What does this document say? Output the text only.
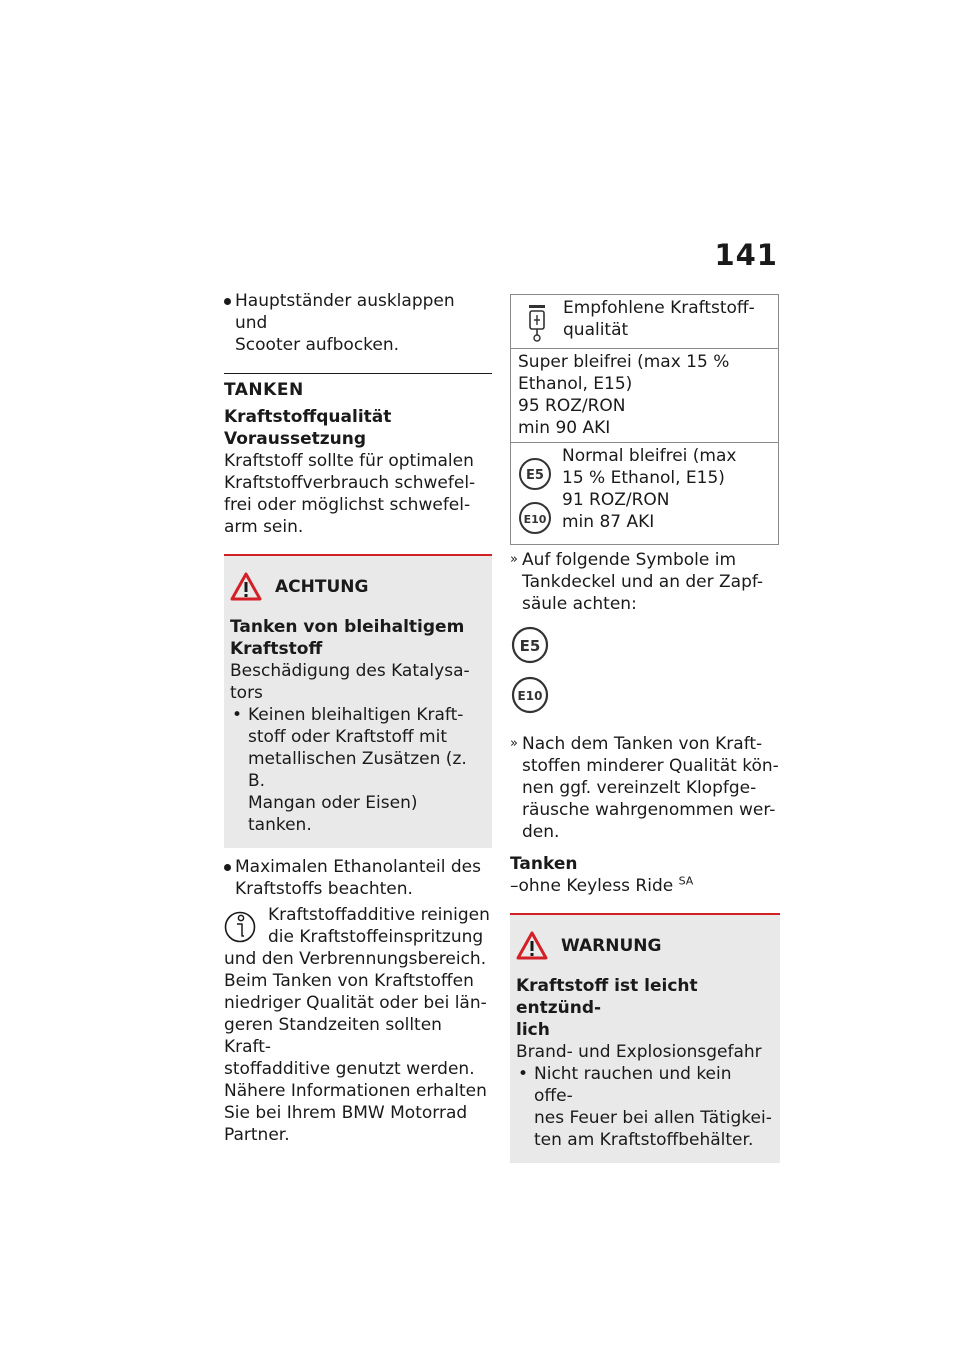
141

Hauptständer ausklappen und

Scooter aufbocken.

TANKEN

Kraftstoffqualität

Voraussetzung

Kraftstoff sollte für optimalen

Kraftstoffverbrauch schwefel-

frei oder möglichst schwefel-

arm sein.

ACHTUNG

Tanken von bleihaltigem

Kraftstoff

Beschädigung des Katalysa-

tors

• Keinen bleihaltigen Kraft-

stoff oder Kraftstoff mit

metallischen Zusätzen (z. B.

Mangan oder Eisen) tanken.

Maximalen Ethanolanteil des

Kraftstoffs beachten.

Kraftstoffadditive reinigen

die Kraftstoffeinspritzung

und den Verbrennungsbereich.

Beim Tanken von Kraftstoffen

niedriger Qualität oder bei län-

geren Standzeiten sollten Kraft-

stoffadditive genutzt werden.

Nähere Informationen erhalten

Sie bei Ihrem BMW Motorrad

Partner.

Empfohlene Kraftstoff-

qualität

Super bleifrei (max 15 %

Ethanol, E15)

95 ROZ/RON

min 90 AKI

E5

E10

Normal bleifrei (max

15 % Ethanol, E15)

91 ROZ/RON

min 87 AKI

» Auf folgende Symbole im

Tankdeckel und an der Zapf-

säule achten:

E5
E10
» Nach dem Tanken von Kraft-

stoffen minderer Qualität kön-

nen ggf. vereinzelt Klopfge-

räusche wahrgenommen wer-

den.

Tanken

–ohne Keyless Ride $^{SA}$

WARNUNG

Kraftstoff ist leicht entzünd-

lich

Brand- und Explosionsgefahr

• Nicht rauchen und kein offe-

nes Feuer bei allen Tätigkei-

ten am Kraftstoffbehälter.
